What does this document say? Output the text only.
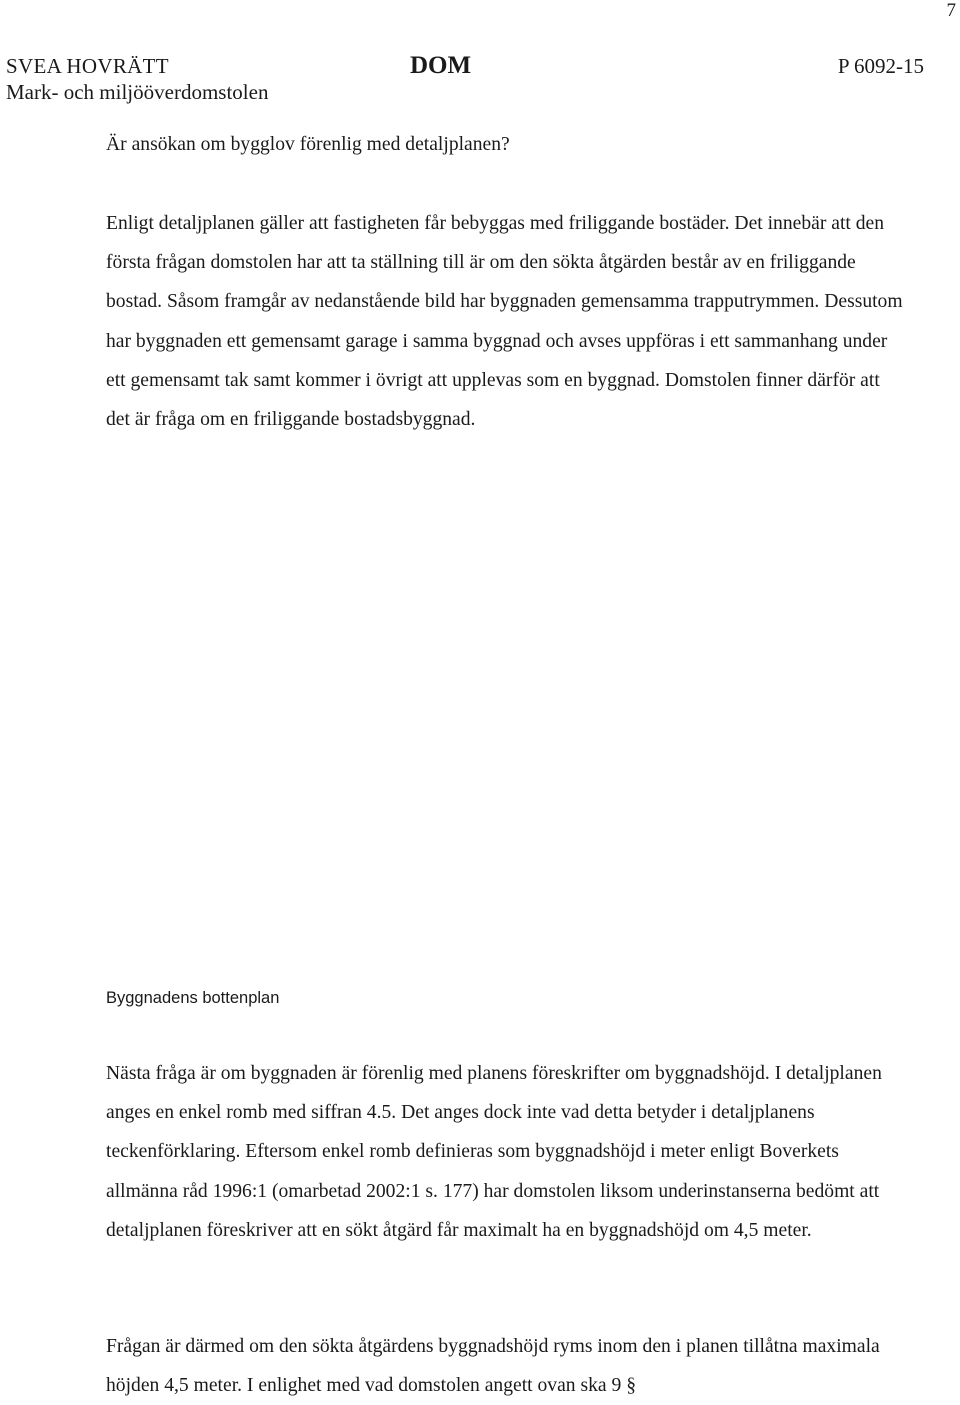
7
SVEA HOVRÄTT
Mark- och miljööverdomstolen
DOM	P 6092-15

Är ansökan om bygglov förenlig med detaljplanen?

Enligt detaljplanen gäller att fastigheten får bebyggas med friliggande bostäder. Det innebär att den första frågan domstolen har att ta ställning till är om den sökta åtgärden består av en friliggande bostad. Såsom framgår av nedanstående bild har byggnaden gemensamma trapputrymmen. Dessutom har byggnaden ett gemensamt garage i samma byggnad och avses uppföras i ett sammanhang under ett gemensamt tak samt kommer i övrigt att upplevas som en byggnad. Domstolen finner därför att det är fråga om en friliggande bostadsbyggnad.

Byggnadens bottenplan

Nästa fråga är om byggnaden är förenlig med planens föreskrifter om byggnadshöjd. I detaljplanen anges en enkel romb med siffran 4.5. Det anges dock inte vad detta betyder i detaljplanens teckenförklaring. Eftersom enkel romb definieras som byggnadshöjd i meter enligt Boverkets allmänna råd 1996:1 (omarbetad 2002:1 s. 177) har domstolen liksom underinstanserna bedömt att detaljplanen föreskriver att en sökt åtgärd får maximalt ha en byggnadshöjd om 4,5 meter.

Frågan är därmed om den sökta åtgärdens byggnadshöjd ryms inom den i planen tillåtna maximala höjden 4,5 meter. I enlighet med vad domstolen angett ovan ska 9 §
